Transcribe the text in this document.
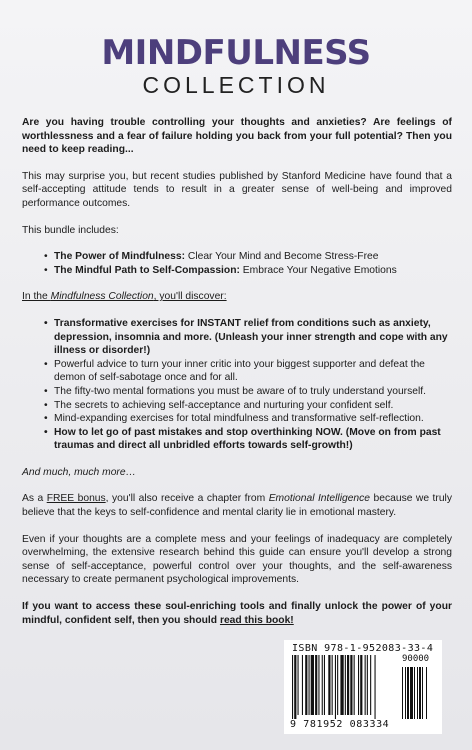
MINDFULNESS
COLLECTION

Are you having trouble controlling your thoughts and anxieties? Are feelings of worthlessness and a fear of failure holding you back from your full potential? Then you need to keep reading...

This may surprise you, but recent studies published by Stanford Medicine have found that a self-accepting attitude tends to result in a greater sense of well-being and improved performance outcomes.

This bundle includes:

• The Power of Mindfulness: Clear Your Mind and Become Stress-Free
• The Mindful Path to Self-Compassion: Embrace Your Negative Emotions

In the Mindfulness Collection, you'll discover:

• Transformative exercises for INSTANT relief from conditions such as anxiety, depression, insomnia and more. (Unleash your inner strength and cope with any illness or disorder!)
• Powerful advice to turn your inner critic into your biggest supporter and defeat the demon of self-sabotage once and for all.
• The fifty-two mental formations you must be aware of to truly understand yourself.
• The secrets to achieving self-acceptance and nurturing your confident self.
• Mind-expanding exercises for total mindfulness and transformative self-reflection.
• How to let go of past mistakes and stop overthinking NOW. (Move on from past traumas and direct all unbridled efforts towards self-growth!)

And much, much more…

As a FREE bonus, you'll also receive a chapter from Emotional Intelligence because we truly believe that the keys to self-confidence and mental clarity lie in emotional mastery.

Even if your thoughts are a complete mess and your feelings of inadequacy are completely overwhelming, the extensive research behind this guide can ensure you'll develop a strong sense of self-acceptance, powerful control over your thoughts, and the self-awareness necessary to create permanent psychological improvements.

If you want to access these soul-enriching tools and finally unlock the power of your mindful, confident self, then you should read this book!

ISBN 978-1-952083-33-4
90000
9 781952 083334
